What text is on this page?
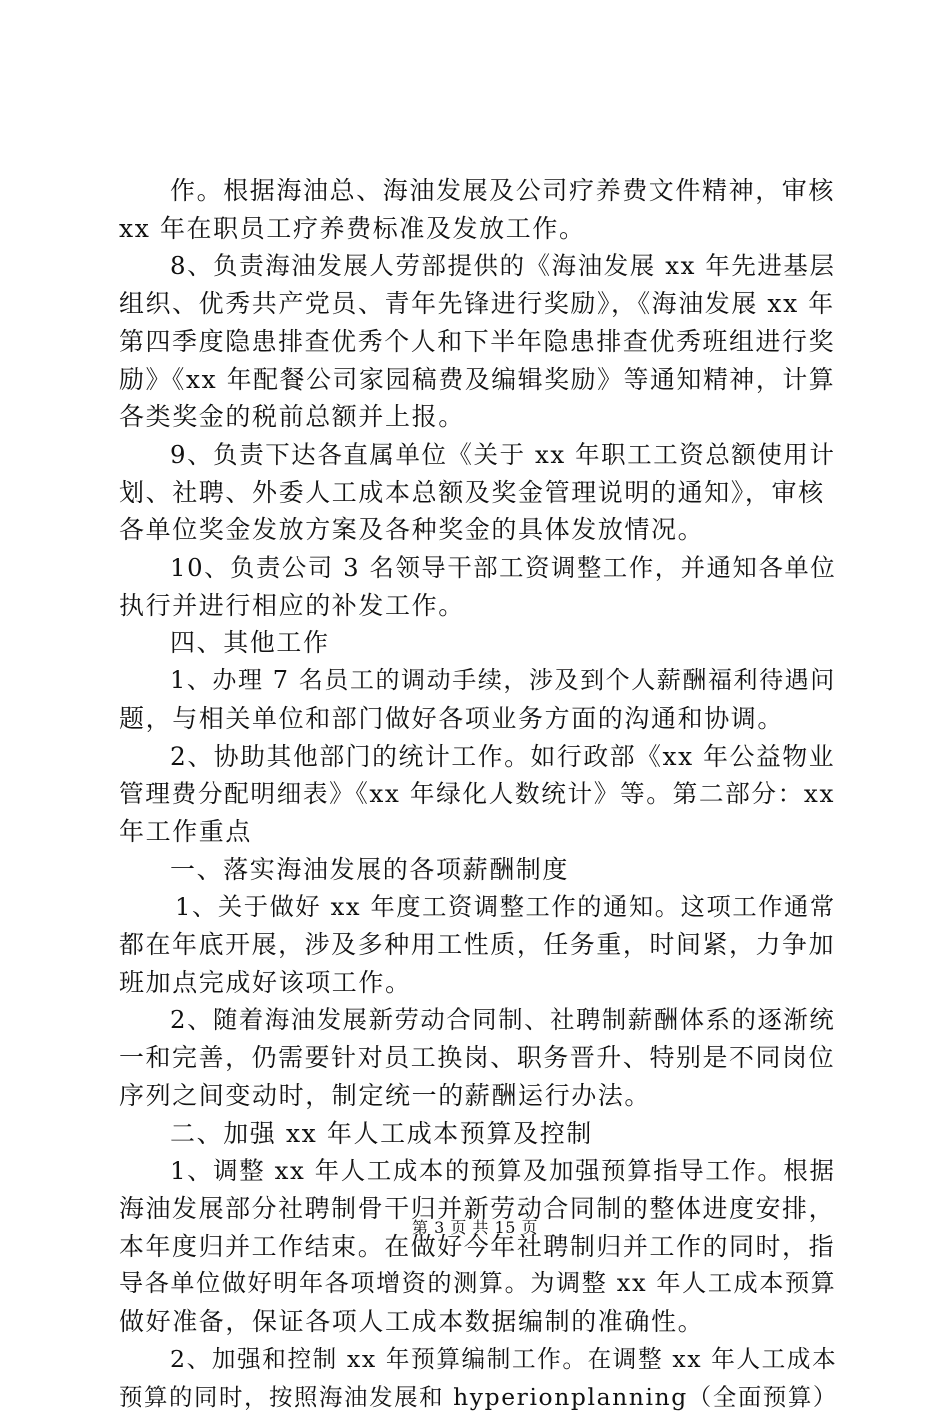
作。根据海油总、海油发展及公司疗养费文件精神，审核
xx 年在职员工疗养费标准及发放工作。
8、负责海油发展人劳部提供的《海油发展 xx 年先进基层
组织、优秀共产党员、青年先锋进行奖励》，《海油发展 xx 年
第四季度隐患排查优秀个人和下半年隐患排查优秀班组进行奖
励》《xx 年配餐公司家园稿费及编辑奖励》等通知精神，计算
各类奖金的税前总额并上报。
9、负责下达各直属单位《关于 xx 年职工工资总额使用计
划、社聘、外委人工成本总额及奖金管理说明的通知》，审核
各单位奖金发放方案及各种奖金的具体发放情况。
10、负责公司 3 名领导干部工资调整工作，并通知各单位
执行并进行相应的补发工作。
四、其他工作
1、办理 7 名员工的调动手续，涉及到个人薪酬福利待遇问
题，与相关单位和部门做好各项业务方面的沟通和协调。
2、协助其他部门的统计工作。如行政部《xx 年公益物业
管理费分配明细表》《xx 年绿化人数统计》等。第二部分：xx
年工作重点
一、落实海油发展的各项薪酬制度
1、关于做好 xx 年度工资调整工作的通知。这项工作通常
都在年底开展，涉及多种用工性质，任务重，时间紧，力争加
班加点完成好该项工作。
2、随着海油发展新劳动合同制、社聘制薪酬体系的逐渐统
一和完善，仍需要针对员工换岗、职务晋升、特别是不同岗位
序列之间变动时，制定统一的薪酬运行办法。
二、加强 xx 年人工成本预算及控制
1、调整 xx 年人工成本的预算及加强预算指导工作。根据
海油发展部分社聘制骨干归并新劳动合同制的整体进度安排，
本年度归并工作结束。在做好今年社聘制归并工作的同时，指
导各单位做好明年各项增资的测算。为调整 xx 年人工成本预算
做好准备，保证各项人工成本数据编制的准确性。
2、加强和控制 xx 年预算编制工作。在调整 xx 年人工成本
预算的同时，按照海油发展和 hyperionplanning（全面预算）
第 3 页 共 15 页
